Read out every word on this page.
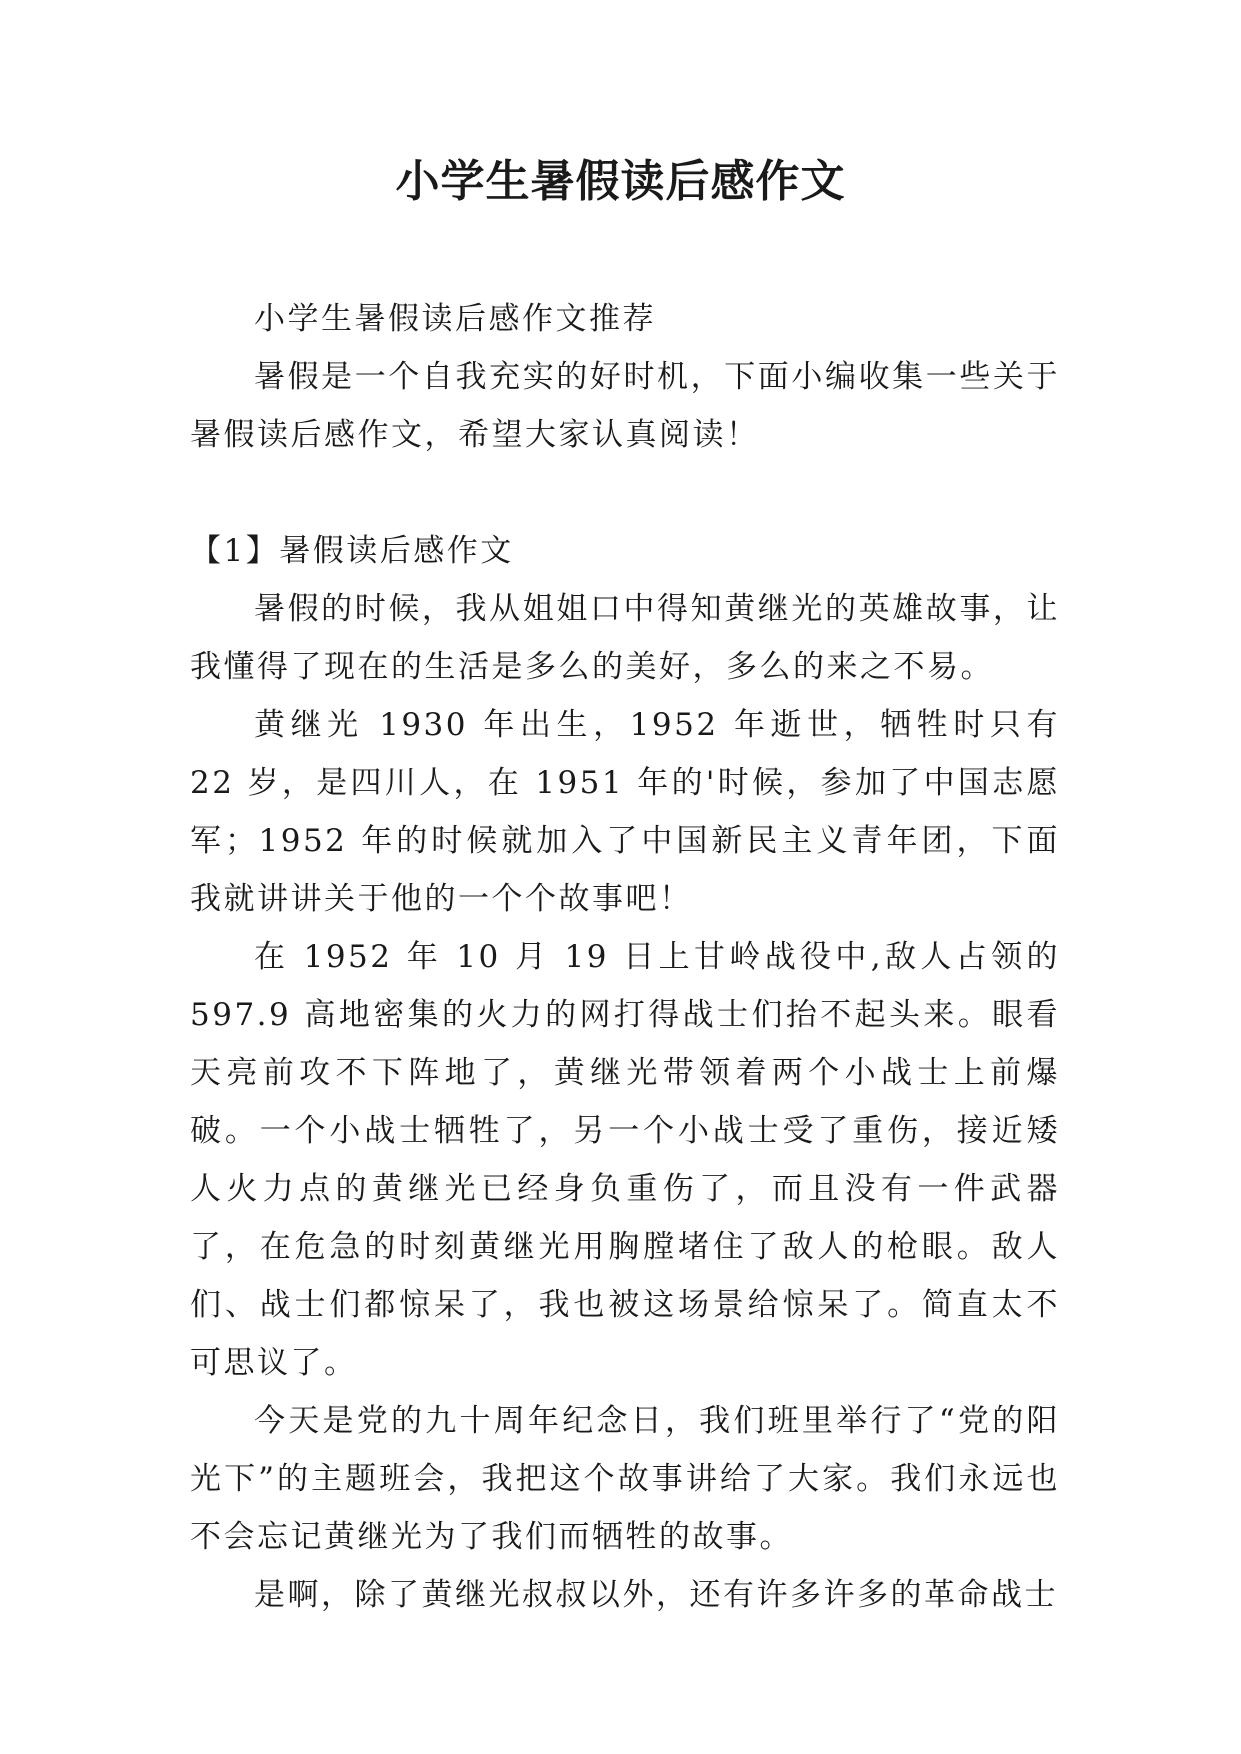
小学生暑假读后感作文

小学生暑假读后感作文推荐

暑假是一个自我充实的好时机，下面小编收集一些关于暑假读后感作文，希望大家认真阅读！

【1】暑假读后感作文

暑假的时候，我从姐姐口中得知黄继光的英雄故事，让我懂得了现在的生活是多么的美好，多么的来之不易。

黄继光 1930 年出生，1952 年逝世，牺牲时只有 22 岁，是四川人，在 1951 年的'时候，参加了中国志愿军；1952 年的时候就加入了中国新民主义青年团，下面我就讲讲关于他的一个个故事吧！

在 1952 年 10 月 19 日上甘岭战役中,敌人占领的 597.9 高地密集的火力的网打得战士们抬不起头来。眼看天亮前攻不下阵地了，黄继光带领着两个小战士上前爆破。一个小战士牺牲了，另一个小战士受了重伤，接近矮人火力点的黄继光已经身负重伤了，而且没有一件武器了，在危急的时刻黄继光用胸膛堵住了敌人的枪眼。敌人们、战士们都惊呆了，我也被这场景给惊呆了。简直太不可思议了。

今天是党的九十周年纪念日，我们班里举行了“党的阳光下”的主题班会，我把这个故事讲给了大家。我们永远也不会忘记黄继光为了我们而牺牲的故事。

是啊，除了黄继光叔叔以外，还有许多许多的革命战士
